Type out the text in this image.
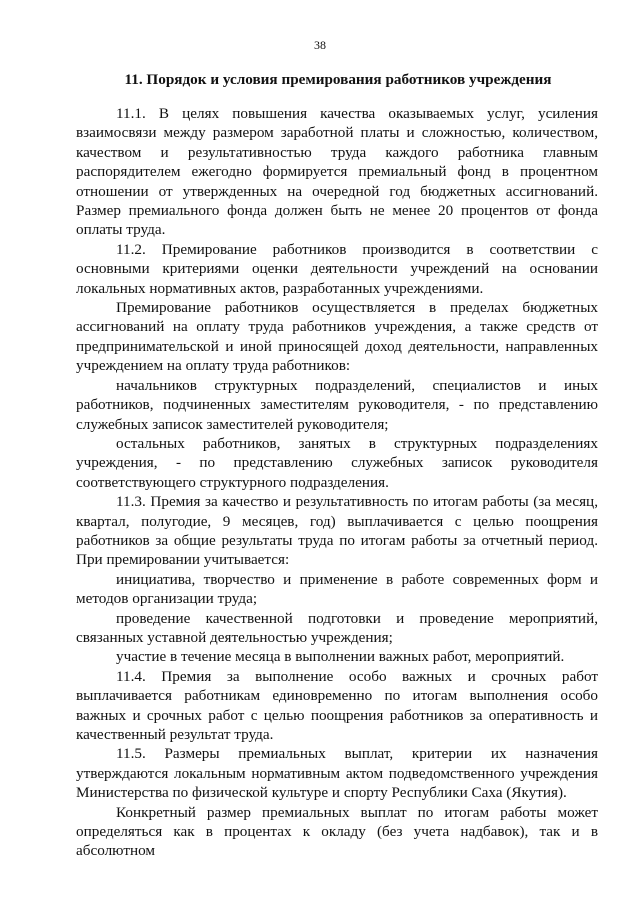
38
11. Порядок и условия премирования работников учреждения

11.1. В целях повышения качества оказываемых услуг, усиления взаимосвязи между размером заработной платы и сложностью, количеством, качеством и результативностью труда каждого работника главным распорядителем ежегодно формируется премиальный фонд в процентном отношении от утвержденных на очередной год бюджетных ассигнований. Размер премиального фонда должен быть не менее 20 процентов от фонда оплаты труда.

11.2. Премирование работников производится в соответствии с основными критериями оценки деятельности учреждений на основании локальных нормативных актов, разработанных учреждениями.

Премирование работников осуществляется в пределах бюджетных ассигнований на оплату труда работников учреждения, а также средств от предпринимательской и иной приносящей доход деятельности, направленных учреждением на оплату труда работников:

начальников структурных подразделений, специалистов и иных работников, подчиненных заместителям руководителя, - по представлению служебных записок заместителей руководителя;

остальных работников, занятых в структурных подразделениях учреждения, - по представлению служебных записок руководителя соответствующего структурного подразделения.

11.3. Премия за качество и результативность по итогам работы (за месяц, квартал, полугодие, 9 месяцев, год) выплачивается с целью поощрения работников за общие результаты труда по итогам работы за отчетный период. При премировании учитывается:

инициатива, творчество и применение в работе современных форм и методов организации труда;

проведение качественной подготовки и проведение мероприятий, связанных уставной деятельностью учреждения;

участие в течение месяца в выполнении важных работ, мероприятий.

11.4. Премия за выполнение особо важных и срочных работ выплачивается работникам единовременно по итогам выполнения особо важных и срочных работ с целью поощрения работников за оперативность и качественный результат труда.

11.5. Размеры премиальных выплат, критерии их назначения утверждаются локальным нормативным актом подведомственного учреждения Министерства по физической культуре и спорту Республики Саха (Якутия).

Конкретный размер премиальных выплат по итогам работы может определяться как в процентах к окладу (без учета надбавок), так и в абсолютном
